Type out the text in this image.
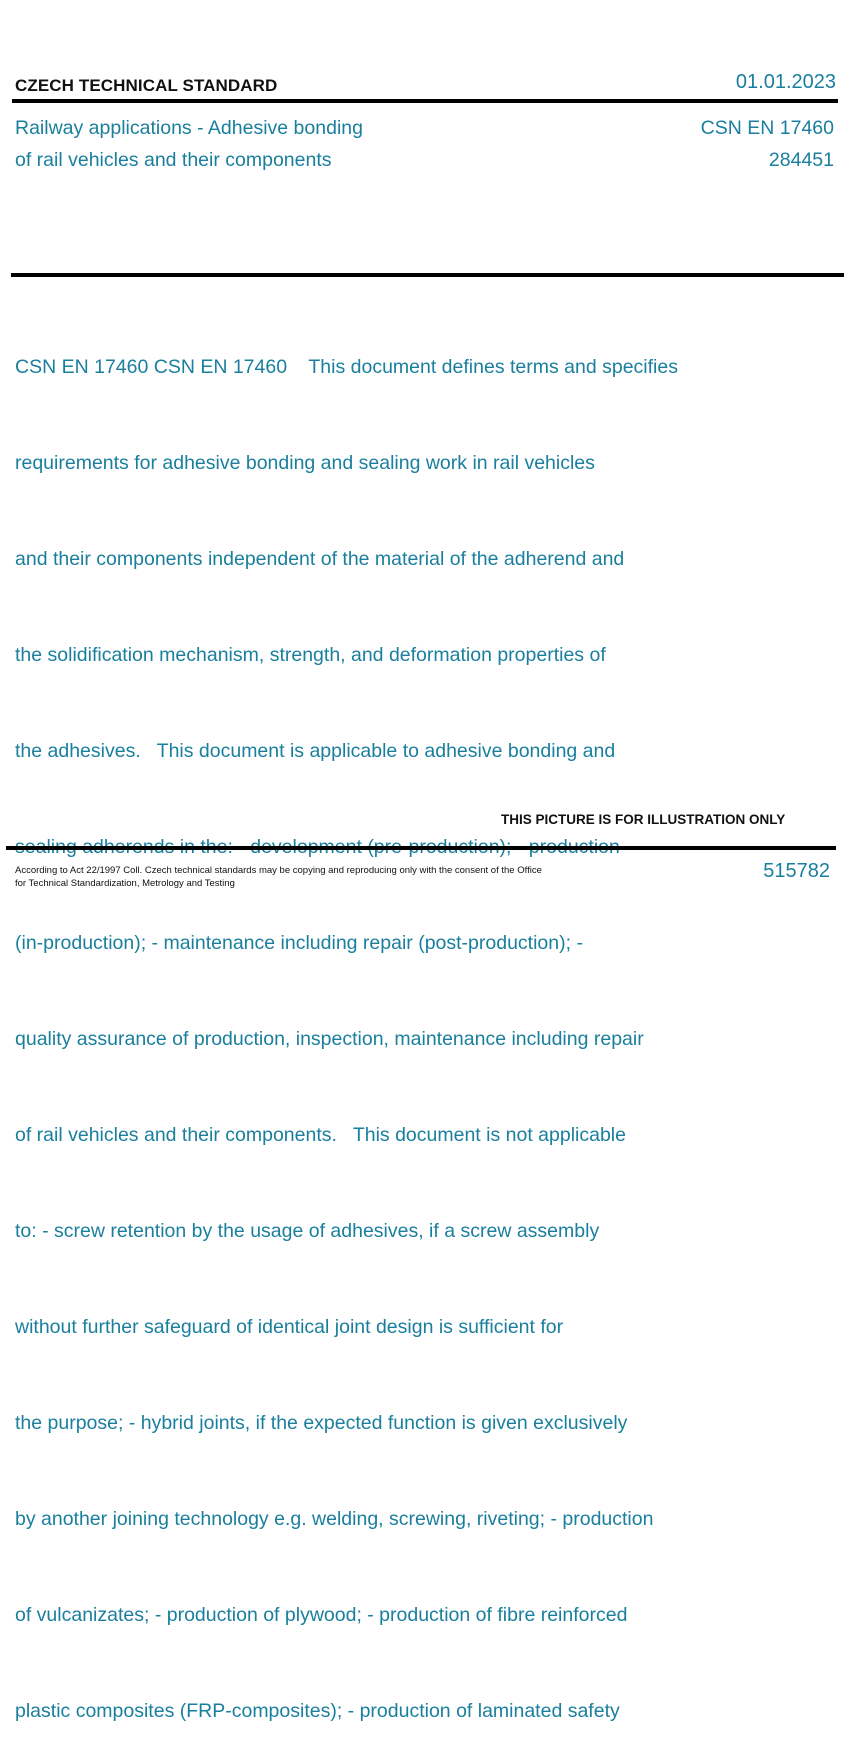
CZECH TECHNICAL STANDARD	01.01.2023
Railway applications - Adhesive bonding
of rail vehicles and their components
CSN EN 17460
284451

CSN EN 17460 CSN EN 17460    This document defines terms and specifies

requirements for adhesive bonding and sealing work in rail vehicles

and their components independent of the material of the adherend and

the solidification mechanism, strength, and deformation properties of

the adhesives.   This document is applicable to adhesive bonding and

(in-production); - maintenance including repair (post-production); -

quality assurance of production, inspection, maintenance including repair

of rail vehicles and their components.   This document is not applicable

to: - screw retention by the usage of adhesives, if a screw assembly

without further safeguard of identical joint design is sufficient for

the purpose; - hybrid joints, if the expected function is given exclusively

by another joining technology e.g. welding, screwing, riveting; - production

of vulcanizates; - production of plywood; - production of fibre reinforced

plastic composites (FRP-composites); - production of laminated safety

THIS PICTURE IS FOR ILLUSTRATION ONLY
According to Act 22/1997 Coll. Czech technical standards may be copying and reproducing only with the consent of the Office
for Technical Standardization, Metrology and Testing
515782
